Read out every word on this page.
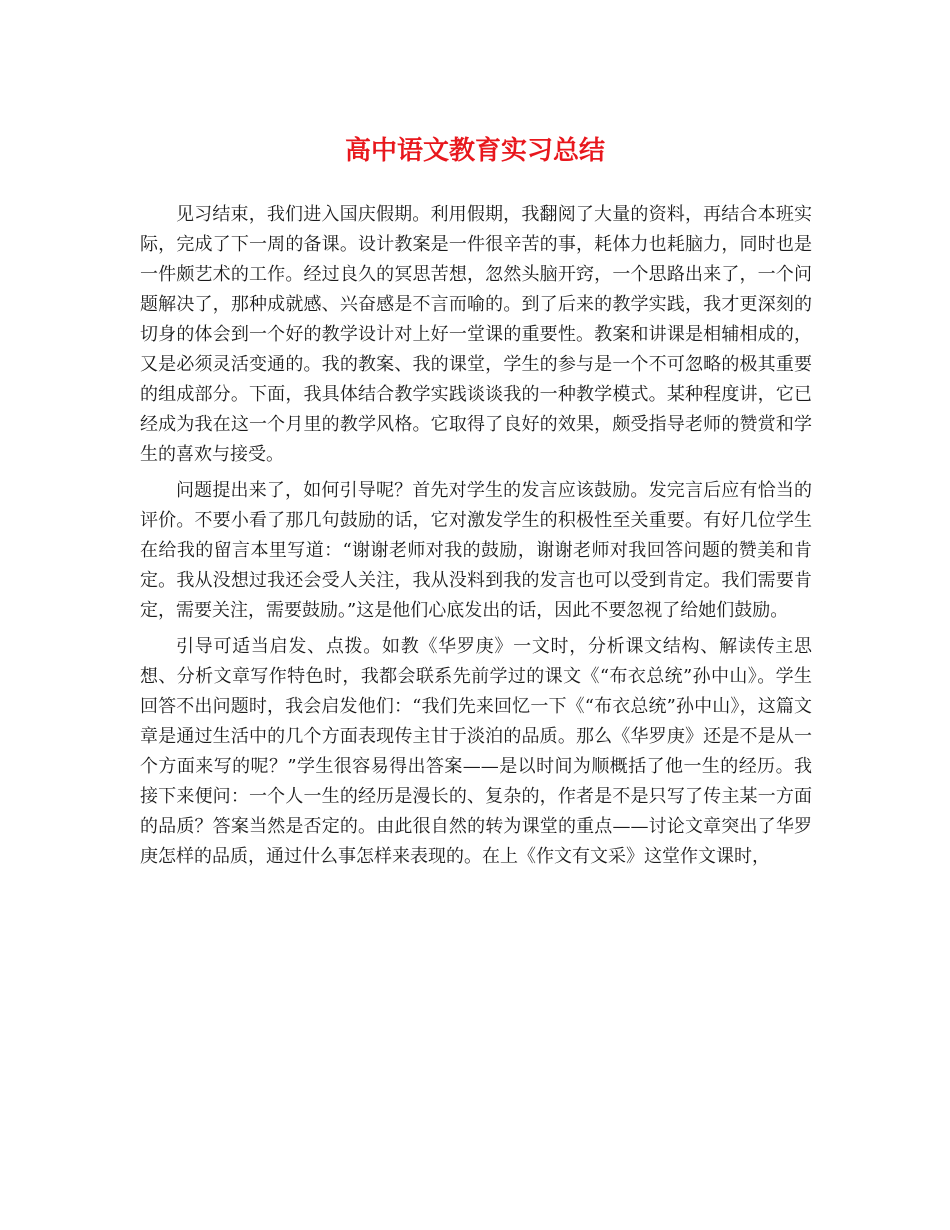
高中语文教育实习总结

见习结束，我们进入国庆假期。利用假期，我翻阅了大量的资料，再结合本班实际，完成了下一周的备课。设计教案是一件很辛苦的事，耗体力也耗脑力，同时也是一件颇艺术的工作。经过良久的冥思苦想，忽然头脑开窍，一个思路出来了，一个问题解决了，那种成就感、兴奋感是不言而喻的。到了后来的教学实践，我才更深刻的切身的体会到一个好的教学设计对上好一堂课的重要性。教案和讲课是相辅相成的，又是必须灵活变通的。我的教案、我的课堂，学生的参与是一个不可忽略的极其重要的组成部分。下面，我具体结合教学实践谈谈我的一种教学模式。某种程度讲，它已经成为我在这一个月里的教学风格。它取得了良好的效果，颇受指导老师的赞赏和学生的喜欢与接受。

问题提出来了，如何引导呢？首先对学生的发言应该鼓励。发完言后应有恰当的评价。不要小看了那几句鼓励的话，它对激发学生的积极性至关重要。有好几位学生在给我的留言本里写道：“谢谢老师对我的鼓励，谢谢老师对我回答问题的赞美和肯定。我从没想过我还会受人关注，我从没料到我的发言也可以受到肯定。我们需要肯定，需要关注，需要鼓励。”这是他们心底发出的话，因此不要忽视了给她们鼓励。

引导可适当启发、点拨。如教《华罗庚》一文时，分析课文结构、解读传主思想、分析文章写作特色时，我都会联系先前学过的课文《“布衣总统”孙中山》。学生回答不出问题时，我会启发他们：“我们先来回忆一下《“布衣总统”孙中山》，这篇文章是通过生活中的几个方面表现传主甘于淡泊的品质。那么《华罗庚》还是不是从一个方面来写的呢？”学生很容易得出答案——是以时间为顺概括了他一生的经历。我接下来便问：一个人一生的经历是漫长的、复杂的，作者是不是只写了传主某一方面的品质？答案当然是否定的。由此很自然的转为课堂的重点——讨论文章突出了华罗庚怎样的品质，通过什么事怎样来表现的。在上《作文有文采》这堂作文课时，
